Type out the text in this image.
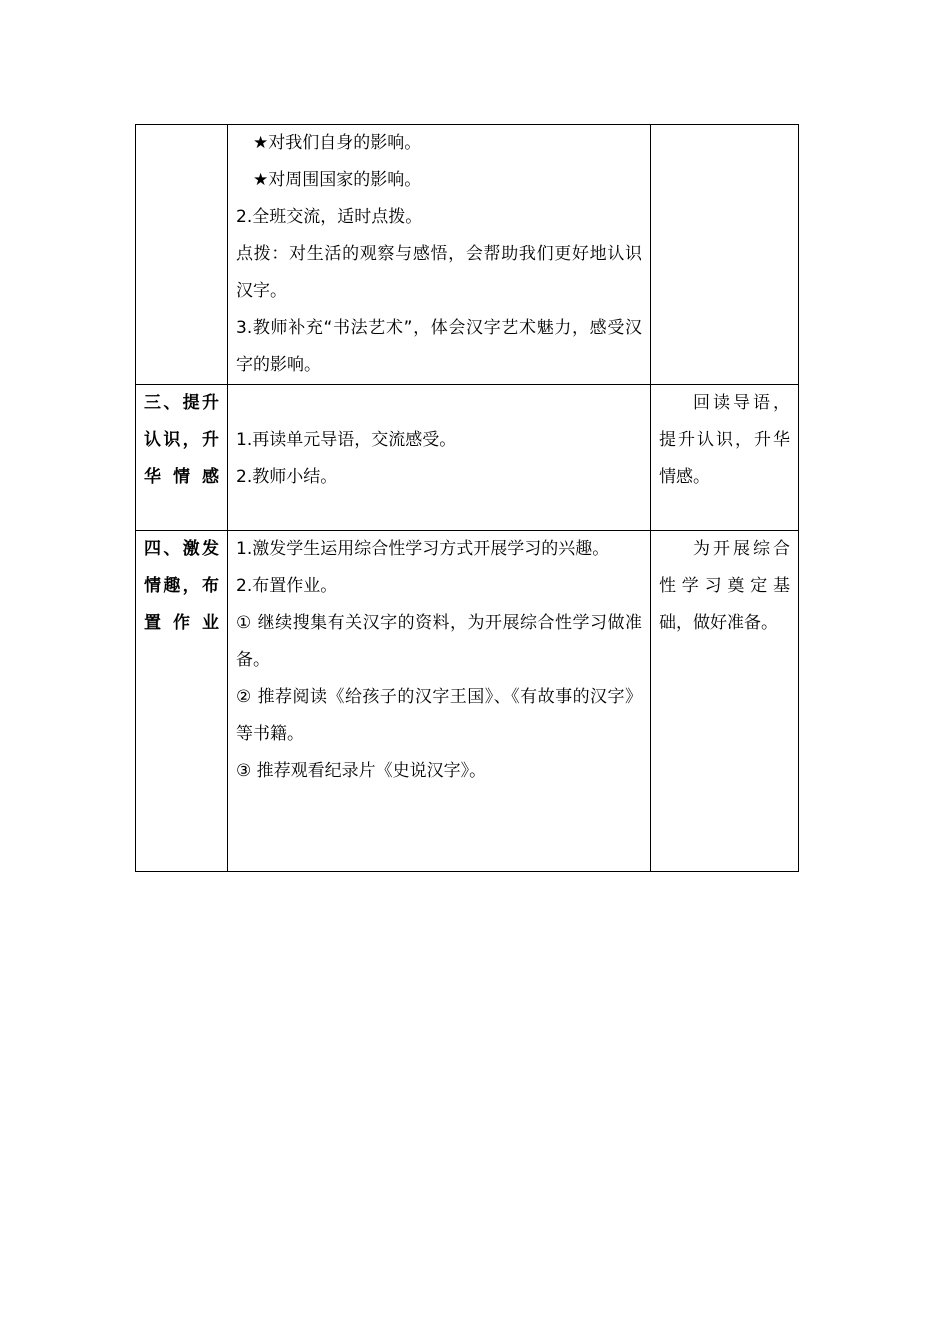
	★对我们自身的影响。
★对周围国家的影响。
2.全班交流，适时点拨。
点拨：对生活的观察与感悟，会帮助我们更好地认识汉字。
3.教师补充“书法艺术”，体会汉字艺术魅力，感受汉字的影响。	

三、提升认识，升华情感	1.再读单元导语，交流感受。
2.教师小结。	回读导语，提升认识，升华情感。
四、激发情趣，布置作业	1.激发学生运用综合性学习方式开展学习的兴趣。
2.布置作业。
① 继续搜集有关汉字的资料，为开展综合性学习做准备。
② 推荐阅读《给孩子的汉字王国》、《有故事的汉字》等书籍。
③ 推荐观看纪录片《史说汉字》。	为开展综合性学习奠定基础，做好准备。
